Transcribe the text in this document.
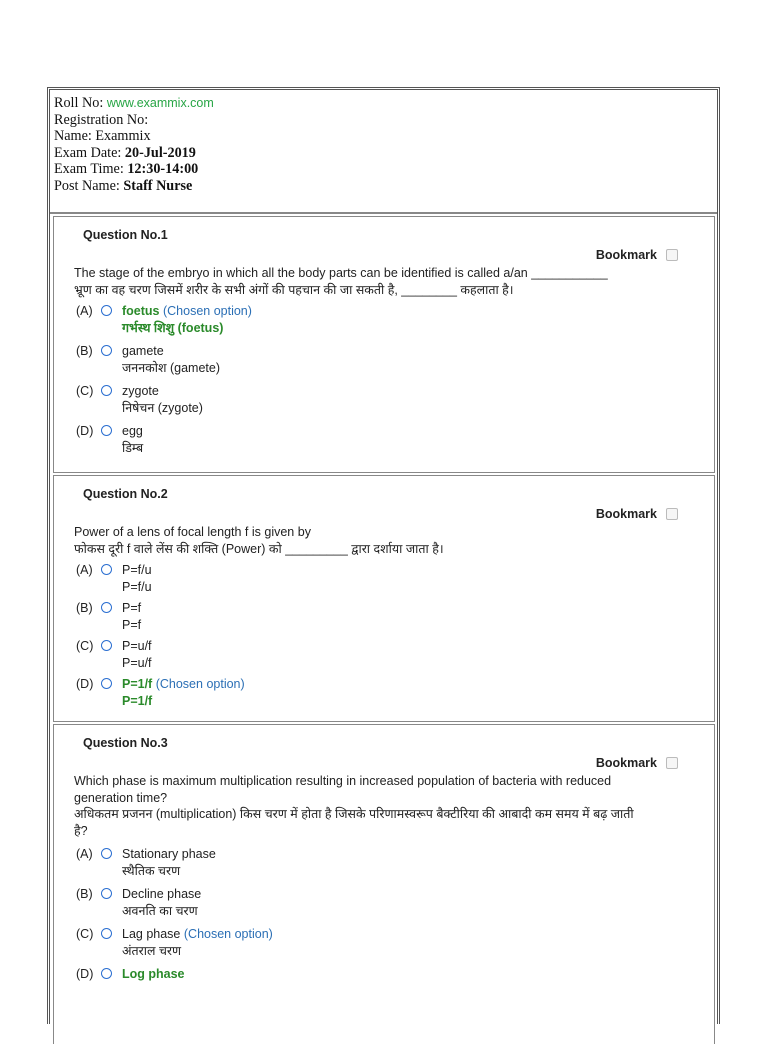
Roll No: www.exammix.com
Registration No:
Name: Exammix
Exam Date: 20-Jul-2019
Exam Time: 12:30-14:00
Post Name: Staff Nurse
Question No.1
Bookmark
The stage of the embryo in which all the body parts can be identified is called a/an ___________
भ्रूण का वह चरण जिसमें शरीर के सभी अंगों की पहचान की जा सकती है, ________ कहलाता है।
(A) foetus (Chosen option)
गर्भस्थ शिशु (foetus)
(B) gamete
जननकोश (gamete)
(C) zygote
निषेचन (zygote)
(D) egg
डिम्ब
Question No.2
Bookmark
Power of a lens of focal length f is given by
फोकस दूरी f वाले लेंस की शक्ति (Power) को _________ द्वारा दर्शाया जाता है।
(A) P=f/u
P=f/u
(B) P=f
P=f
(C) P=u/f
P=u/f
(D) P=1/f (Chosen option)
P=1/f
Question No.3
Bookmark
Which phase is maximum multiplication resulting in increased population of bacteria with reduced
generation time?
अधिकतम प्रजनन (multiplication) किस चरण में होता है जिसके परिणामस्वरूप बैक्टीरिया की आबादी कम समय में बढ़ जाती
है?
(A) Stationary phase
स्थैतिक चरण
(B) Decline phase
अवनति का चरण
(C) Lag phase (Chosen option)
अंतराल चरण
(D) Log phase
